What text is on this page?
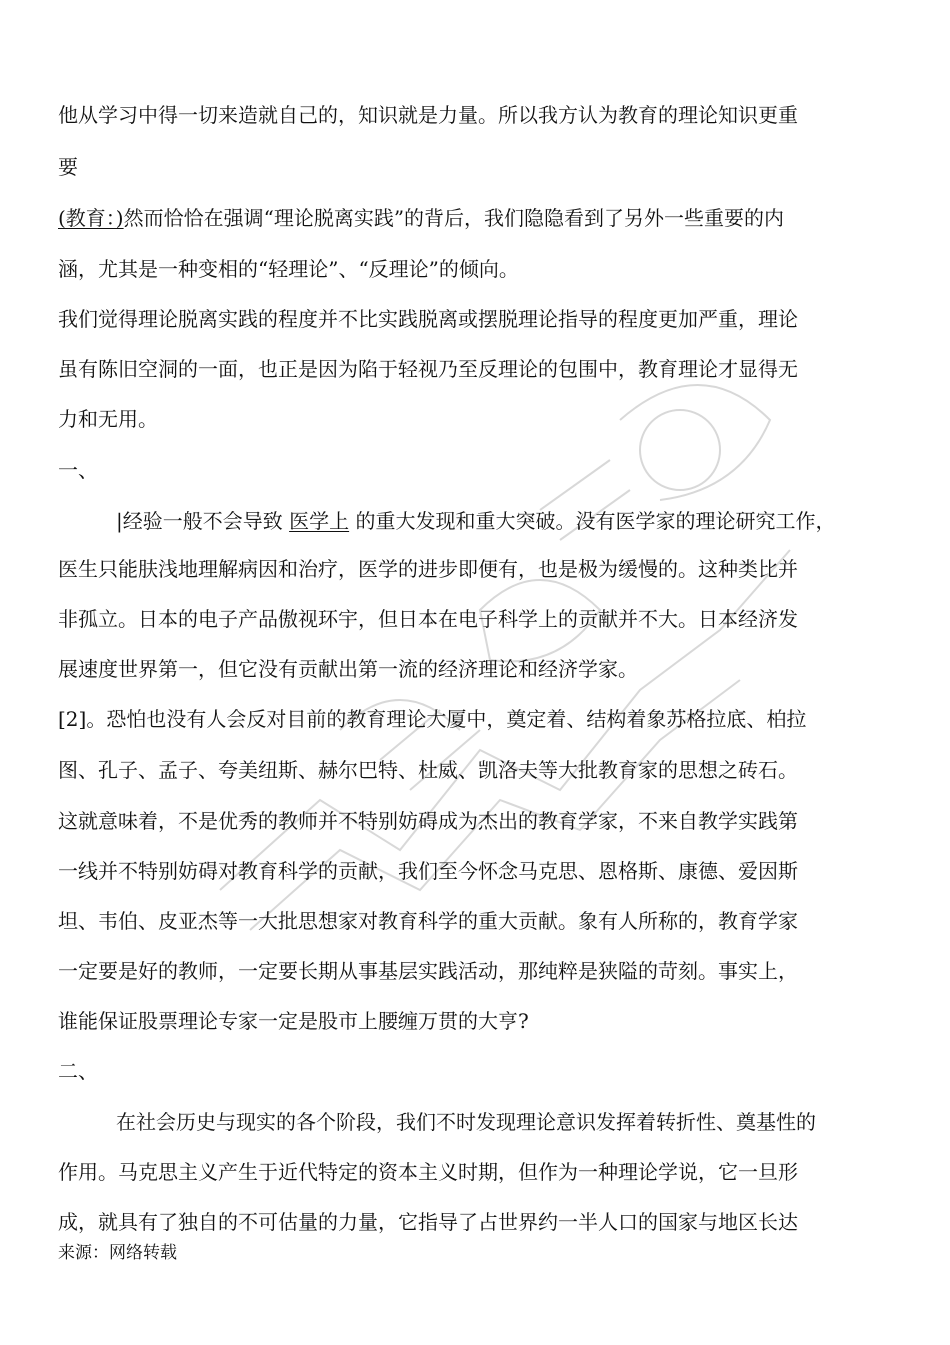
他从学习中得一切来造就自己的，知识就是力量。所以我方认为教育的理论知识更重
要
(教育：)然而恰恰在强调“理论脱离实践”的背后，我们隐隐看到了另外一些重要的内
涵，尤其是一种变相的“轻理论”、“反理论”的倾向。
我们觉得理论脱离实践的程度并不比实践脱离或摆脱理论指导的程度更加严重，理论
虽有陈旧空洞的一面，也正是因为陷于轻视乃至反理论的包围中，教育理论才显得无
力和无用。
一、
|经验一般不会导致 医学上 的重大发现和重大突破。没有医学家的理论研究工作，
医生只能肤浅地理解病因和治疗，医学的进步即便有，也是极为缓慢的。这种类比并
非孤立。日本的电子产品傲视环宇，但日本在电子科学上的贡献并不大。日本经济发
展速度世界第一，但它没有贡献出第一流的经济理论和经济学家。
[2]。恐怕也没有人会反对目前的教育理论大厦中，奠定着、结构着象苏格拉底、柏拉
图、孔子、孟子、夸美纽斯、赫尔巴特、杜威、凯洛夫等大批教育家的思想之砖石。
这就意味着，不是优秀的教师并不特别妨碍成为杰出的教育学家，不来自教学实践第
一线并不特别妨碍对教育科学的贡献，我们至今怀念马克思、恩格斯、康德、爱因斯
坦、韦伯、皮亚杰等一大批思想家对教育科学的重大贡献。象有人所称的，教育学家
一定要是好的教师，一定要长期从事基层实践活动，那纯粹是狭隘的苛刻。事实上，
谁能保证股票理论专家一定是股市上腰缠万贯的大亨?
二、
在社会历史与现实的各个阶段，我们不时发现理论意识发挥着转折性、奠基性的
作用。马克思主义产生于近代特定的资本主义时期，但作为一种理论学说，它一旦形
成，就具有了独自的不可估量的力量，它指导了占世界约一半人口的国家与地区长达
来源：网络转载
